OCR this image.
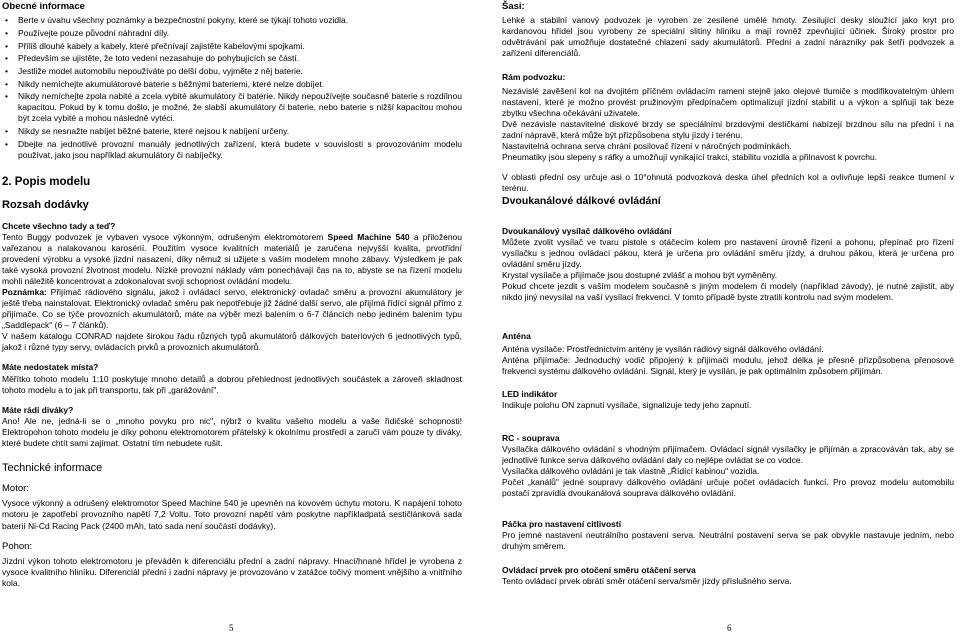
Obecné informace

• Berte v úvahu všechny poznámky a bezpečnostní pokyny, které se týkají tohoto vozidla.
• Používejte pouze původní náhradní díly.
• Příliš dlouhé kabely a kabely, které přečnívají zajistěte kabelovými spojkami.
• Především se ujistěte, že toto vedení nezasahuje do pohybujících se částí.
• Jestliže model automobilu nepoužíváte po delší dobu, vyjměte z něj baterie.
• Nikdy nemíchejte akumulátorové baterie s běžnými bateriemi, které nelze dobíjet.
• Nikdy nemíchejte zpola nabité a zcela vybité akumulátory či baterie. Nikdy nepoužívejte současně baterie s rozdílnou kapacitou. Pokud by k tomu došlo, je možné, že slabší akumulátory či baterie, nebo baterie s nižší kapacitou mohou být zcela vybité a mohou následně vytéci.
• Nikdy se nesnažte nabíjet běžné baterie, které nejsou k nabíjení určeny.
• Dbejte na jednotlivé provozní manuály jednotlivých zařízení, která budete v souvislosti s provozováním modelu používat, jako jsou například akumulátory či nabíječky.

2. Popis modelu

Rozsah dodávky

Chcete všechno tady a teď?

Tento Buggy podvozek je vybaven vysoce výkonným, odrušeným elektromotorem Speed Machine 540 a přiloženou vařezanou a nalakovanou karosérií. Použitím vysoce kvalitních materiálů je zaručena nejvyšší kvalita, prvotřídní provedení výrobku a vysoké jízdní nasazení, díky němuž si užijete s vaším modelem mnoho zábavy. Výsledkem je pak také vysoká provozní životnost modelu. Nízké provozní náklady vám ponechávají čas na to, abyste se na řízení modelu mohli náležitě koncentrovat a zdokonalovat svoji schopnost ovládání modelu.

Poznámka: Přijímač rádiového signálu, jakož i ovládací servo, elektronický ovladač směru a provozní akumulátory je ještě třeba nainstalovat. Elektronický ovladač směru pak nepotřebuje již žádné další servo, ale přijímá řídící signál přímo z přijímače. Co se týče provozních akumulátorů, máte na výběr mezi balením o 6-7 článcích nebo jediném balením typu „Saddlepack" (6 – 7 článků).

V našem katalogu CONRAD najdete širokou řadu různých typů akumulátorů dálkových bateriových 6 jednotlivých typů, jakož i různé typy servy, ovládacích prvků a provozních akumulátorů.

Máte nedostatek místa?

Měřítko tohoto modelu 1:10 poskytuje mnoho detailů a dobrou přehlednost jednotlivých součástek a zároveň skladnost tohoto modelu a to jak při transportu, tak při „garážování".

Máte rádi diváky?

Ano! Ale ne, jedná-li se o „mnoho povyku pro nic", nýbrž o kvalitu vašeho modelu a vaše řidičské schopnosti! Elektropohon tohoto modelu je díky pohonu elektromotorem přátelský k okolnímu prostředí a zaručí vám pouze ty diváky, které budete chtít sami zajímat. Ostatní tím nebudete rušit.

Technické informace

Motor:

Vysoce výkonný a odrušený elektromotor Speed Machine 540 je upevněn na kovovém úchytu motoru. K napájení tohoto motoru je zapotřebí provozního napětí 7,2 Voltu. Toto provozní napětí vám poskytne napříkladpatá sestičlánková sada baterií Ni-Cd Racing Pack (2400 mAh, tato sada není součástí dodávky).

Pohon:

Jízdní výkon tohoto elektromotoru je převáděn k diferenciálu přední a zadní nápravy. Hnací/hnané hřídel je vyrobena z vysoce kvalitního hliníku. Diferenciál přední i zadní nápravy je provozováno v zatážce točivý moment vnějšího a vnitřního kola.

5

Šasi:

Lehké a stabilní vanový podvozek je vyroben ze zesílené umělé hmoty. Zesilující desky sloužící jako kryt pro kardanovou hřídel jsou vyrobeny ze speciální slitiny hliníku a mají rovněž zpevňující účinek. Široký prostor pro odvětrávání pak umožňuje dostatečné chlazení sady akumulátorů. Přední a zadní nárazníky pak šetří podvozek a zařízení diferenciálů.

Rám podvozku:

Nezávislé zavěšení kol na dvojitém příčném ovládacím rameni stejně jako olejové tlumiče s modifikovatelným úhlem nastavení, které je možno provést pružinovým předpínačem optimalizují jízdní stabilit u a výkon a splňují tak beze zbytku všechna očekávání uživatele.

Dvě nezávisle nastavitelné diskové brzdy se speciálními brzdovými destičkami nabízejí brzdnou sílu na přední i na zadní nápravě, která může být přizpůsobena stylu jízdy i terénu.

Nastavitelná ochrana serva chrání posilovač řízení v náročných podmínkách.

Pneumatiky jsou slepeny s ráfky a umožňují vynikající trakci, stabilitu vozidla a přilnavost k povrchu.

V oblasti přední osy určuje asi o 10°ohnutá podvozková deska úhel předních kol a ovlivňuje lepší reakce tlumení v terénu.

Dvoukanálové dálkové ovládání

Dvoukanálový vysílač dálkového ovládání

Můžete zvolit vysílač ve tvaru pistole s otáčecím kolem pro nastavení úrovně řízení a pohonu, přepínač pro řízení vysílačku s jednou ovládací pákou, která je určena pro ovládání směru jízdy, a druhou pákou, která je určena pro ovládání směru jízdy.

Krystal vysílače a přijímače jsou dostupné zvlášť a mohou být vyměněny.

Pokud chcete jezdit s vaším modelem současně s jiným modelem či modely (například závody), je nutné zajistit, aby nikdo jiný nevysílal na vaší vysílací frekvenci. V tomto případě byste ztratili kontrolu nad svým modelem.

Anténa

Anténa vysílače: Prostřednictvím antény je vysílán rádiový signál dálkového ovládání.

Anténa přijímače: Jednoduchý vodič připojený k přijímači modulu, jehož délka je přesně přizpůsobena přenosové frekvenci systému dálkového ovládání. Signál, který je vysílán, je pak optimálním způsobem přijímán.

LED indikátor

Indikuje polohu ON zapnutí vysílače, signalizuje tedy jeho zapnutí.

RC - souprava

Vysílačka dálkového ovládání s vhodným přijímačem. Ovládací signál vysílačky je přijímán a zpracováván tak, aby se jednotlivé funkce serva dálkového ovládání daly co nejlépe ovládat se co vodce.

Vysílačka dálkového ovládání je tak vlastně „Řídící kabinou" vozidla.

Počet „kanálů" jedné soupravy dálkového ovládání určuje počet ovládacích funkcí. Pro provoz modelu automobilu postačí zpravidla dvoukanálová souprava dálkového ovládání.

Páčka pro nastavení citlivosti

Pro jemné nastavení neutrálního postavení serva. Neutrální postavení serva se pak obvykle nastavuje jedním, nebo druhým směrem.

Ovládací prvek pro otočení směru otáčení serva

Tento ovládací prvek obrátí směr otáčení serva/směr jízdy příslušného serva.

6
